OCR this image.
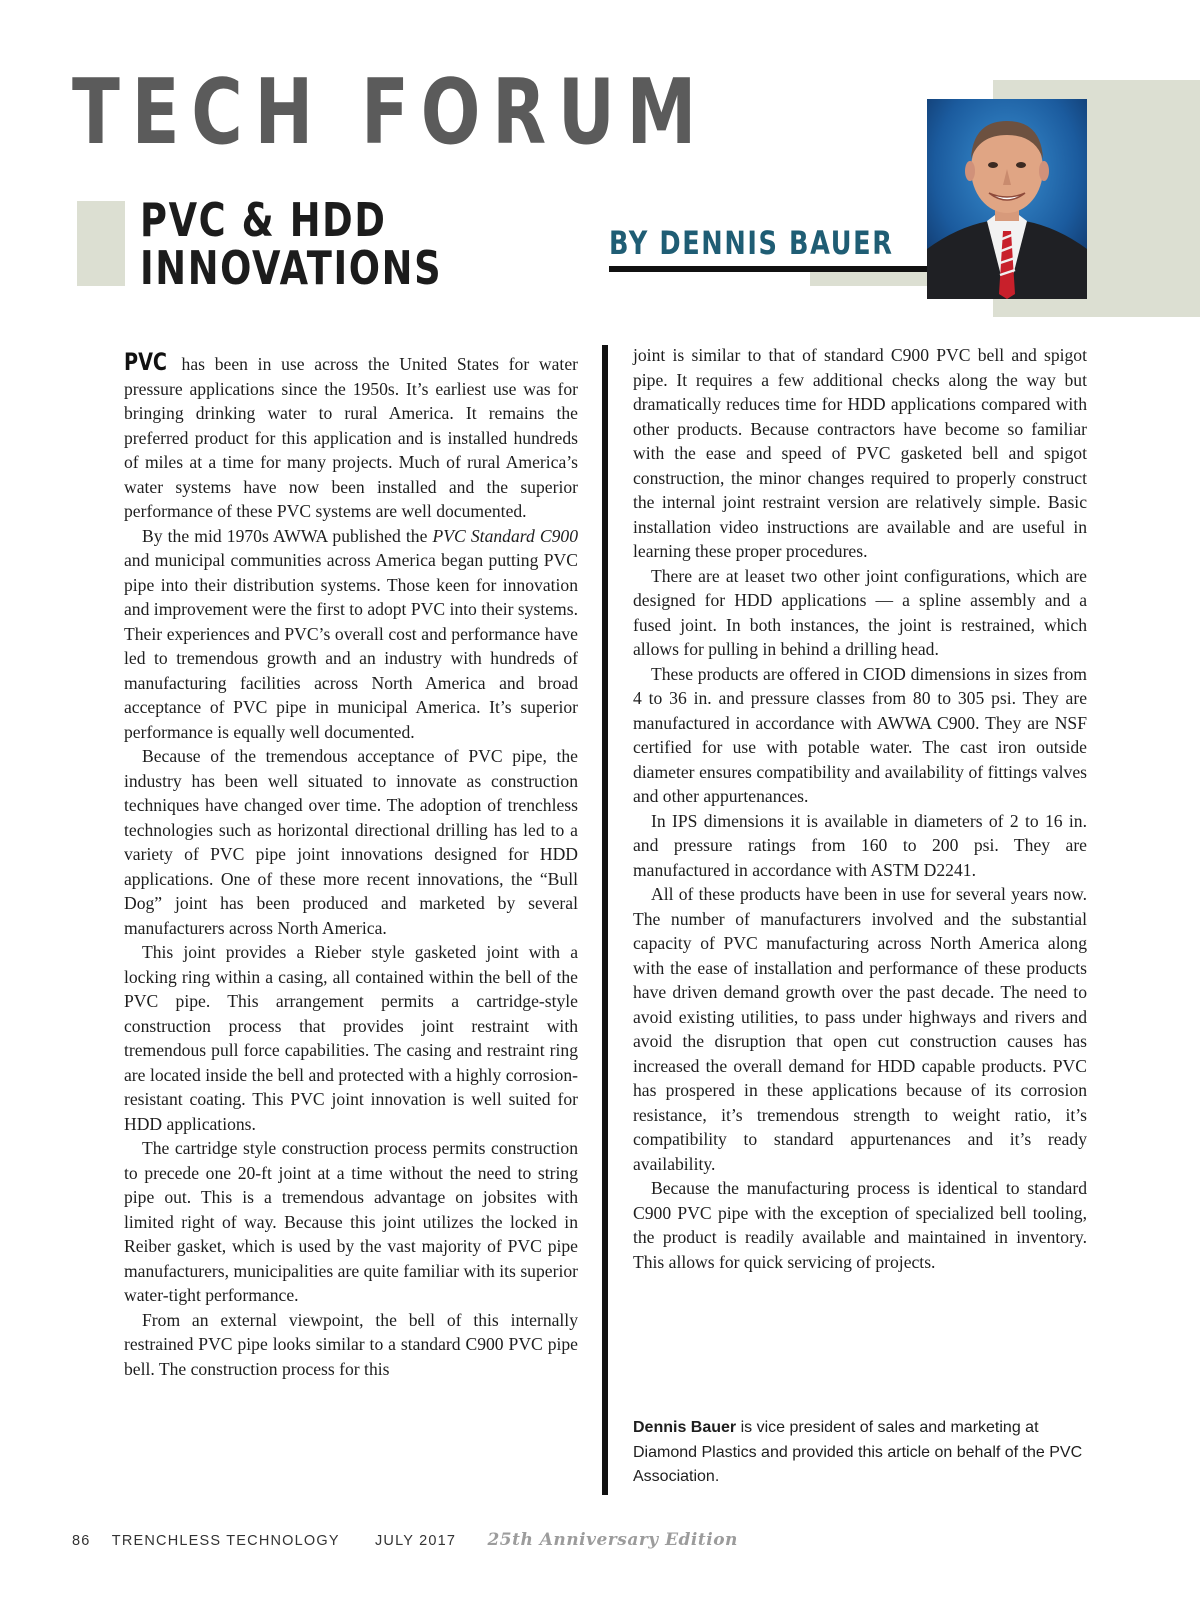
TECH FORUM
PVC & HDD
INNOVATIONS	BY DENNIS BAUER

PVC has been in use across the United States for water pressure applications since the 1950s. It’s earliest use was for bringing drinking water to rural America. It remains the preferred product for this application and is installed hundreds of miles at a time for many projects. Much of rural America’s water systems have now been installed and the superior performance of these PVC systems are well documented.

By the mid 1970s AWWA published the PVC Standard C900 and municipal communities across America began putting PVC pipe into their distribution systems. Those keen for innovation and improvement were the first to adopt PVC into their systems. Their experiences and PVC’s overall cost and performance have led to tremendous growth and an industry with hundreds of manufacturing facilities across North America and broad acceptance of PVC pipe in municipal America. It’s superior performance is equally well documented.

Because of the tremendous acceptance of PVC pipe, the industry has been well situated to innovate as construction techniques have changed over time. The adoption of trenchless technologies such as horizontal directional drilling has led to a variety of PVC pipe joint innovations designed for HDD applications. One of these more recent innovations, the “Bull Dog” joint has been produced and marketed by several manufacturers across North America.

This joint provides a Rieber style gasketed joint with a locking ring within a casing, all contained within the bell of the PVC pipe. This arrangement permits a cartridge-style construction process that provides joint restraint with tremendous pull force capabilities. The casing and restraint ring are located inside the bell and protected with a highly corrosion-resistant coating. This PVC joint innovation is well suited for HDD applications.

The cartridge style construction process permits construction to precede one 20-ft joint at a time without the need to string pipe out. This is a tremendous advantage on jobsites with limited right of way. Because this joint utilizes the locked in Reiber gasket, which is used by the vast majority of PVC pipe manufacturers, municipalities are quite familiar with its superior water-tight performance.

From an external viewpoint, the bell of this internally restrained PVC pipe looks similar to a standard C900 PVC pipe bell. The construction process for this

joint is similar to that of standard C900 PVC bell and spigot pipe. It requires a few additional checks along the way but dramatically reduces time for HDD applications compared with other products. Because contractors have become so familiar with the ease and speed of PVC gasketed bell and spigot construction, the minor changes required to properly construct the internal joint restraint version are relatively simple. Basic installation video instructions are available and are useful in learning these proper procedures.

There are at leaset two other joint configurations, which are designed for HDD applications — a spline assembly and a fused joint. In both instances, the joint is restrained, which allows for pulling in behind a drilling head.

These products are offered in CIOD dimensions in sizes from 4 to 36 in. and pressure classes from 80 to 305 psi. They are manufactured in accordance with AWWA C900. They are NSF certified for use with potable water. The cast iron outside diameter ensures compatibility and availability of fittings valves and other appurtenances.

In IPS dimensions it is available in diameters of 2 to 16 in. and pressure ratings from 160 to 200 psi. They are manufactured in accordance with ASTM D2241.

All of these products have been in use for several years now. The number of manufacturers involved and the substantial capacity of PVC manufacturing across North America along with the ease of installation and performance of these products have driven demand growth over the past decade. The need to avoid existing utilities, to pass under highways and rivers and avoid the disruption that open cut construction causes has increased the overall demand for HDD capable products. PVC has prospered in these applications because of its corrosion resistance, it’s tremendous strength to weight ratio, it’s compatibility to standard appurtenances and it’s ready availability.

Because the manufacturing process is identical to standard C900 PVC pipe with the exception of specialized bell tooling, the product is readily available and maintained in inventory. This allows for quick servicing of projects.

Dennis Bauer is vice president of sales and marketing at Diamond Plastics and provided this article on behalf of the PVC Association.

86 TRENCHLESS TECHNOLOGY JULY 2017 25th Anniversary Edition
